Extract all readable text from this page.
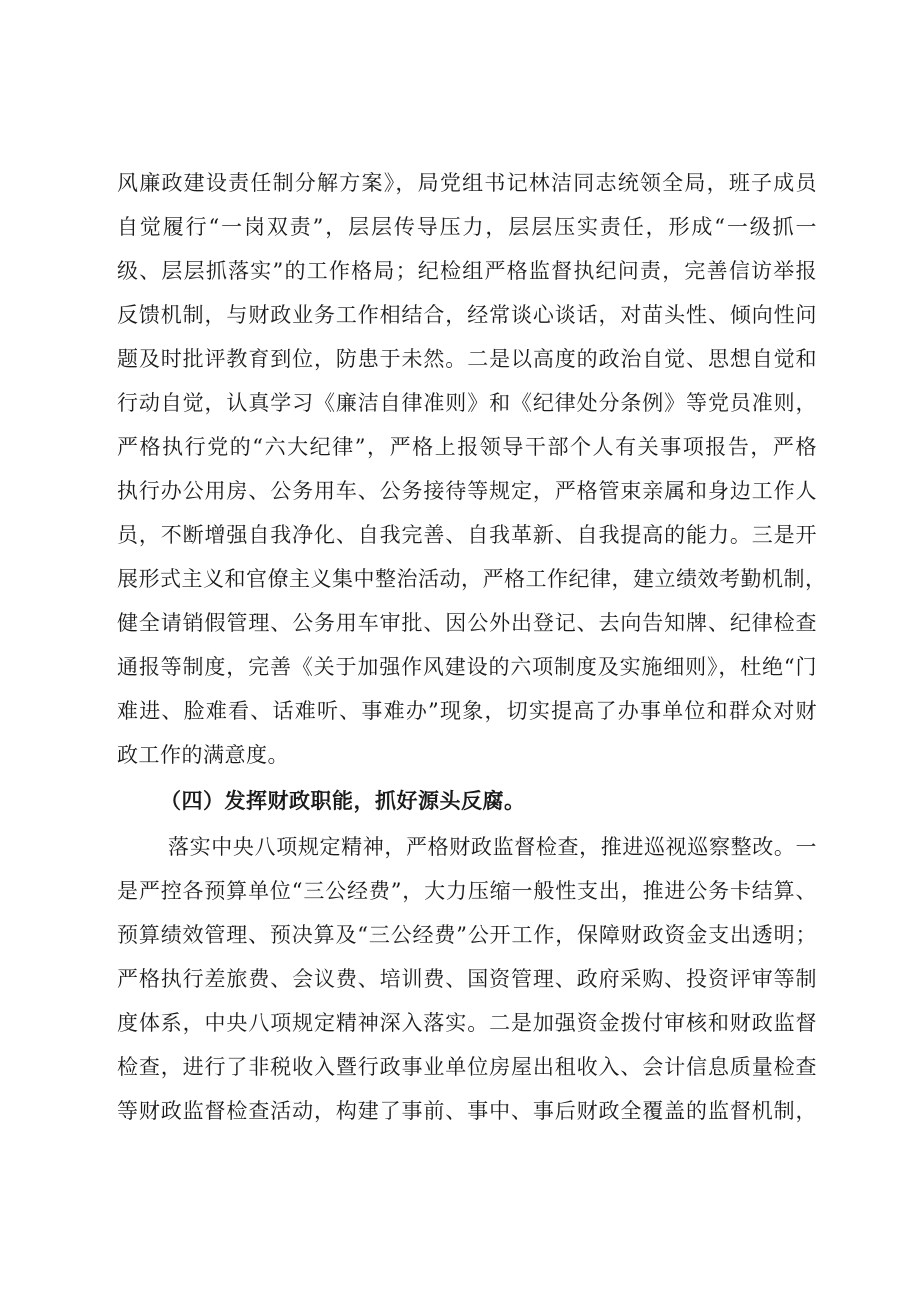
风廉政建设责任制分解方案》，局党组书记林洁同志统领全局，班子成员
自觉履行“一岗双责”，层层传导压力，层层压实责任，形成“一级抓一
级、层层抓落实”的工作格局；纪检组严格监督执纪问责，完善信访举报
反馈机制，与财政业务工作相结合，经常谈心谈话，对苗头性、倾向性问
题及时批评教育到位，防患于未然。二是以高度的政治自觉、思想自觉和
行动自觉，认真学习《廉洁自律准则》和《纪律处分条例》等党员准则，
严格执行党的“六大纪律”，严格上报领导干部个人有关事项报告，严格
执行办公用房、公务用车、公务接待等规定，严格管束亲属和身边工作人
员，不断增强自我净化、自我完善、自我革新、自我提高的能力。三是开
展形式主义和官僚主义集中整治活动，严格工作纪律，建立绩效考勤机制，
健全请销假管理、公务用车审批、因公外出登记、去向告知牌、纪律检查
通报等制度，完善《关于加强作风建设的六项制度及实施细则》，杜绝“门
难进、脸难看、话难听、事难办”现象，切实提高了办事单位和群众对财
政工作的满意度。
（四）发挥财政职能，抓好源头反腐。
落实中央八项规定精神，严格财政监督检查，推进巡视巡察整改。一
是严控各预算单位“三公经费”，大力压缩一般性支出，推进公务卡结算、
预算绩效管理、预决算及“三公经费”公开工作，保障财政资金支出透明；
严格执行差旅费、会议费、培训费、国资管理、政府采购、投资评审等制
度体系，中央八项规定精神深入落实。二是加强资金拨付审核和财政监督
检查，进行了非税收入暨行政事业单位房屋出租收入、会计信息质量检查
等财政监督检查活动，构建了事前、事中、事后财政全覆盖的监督机制，
